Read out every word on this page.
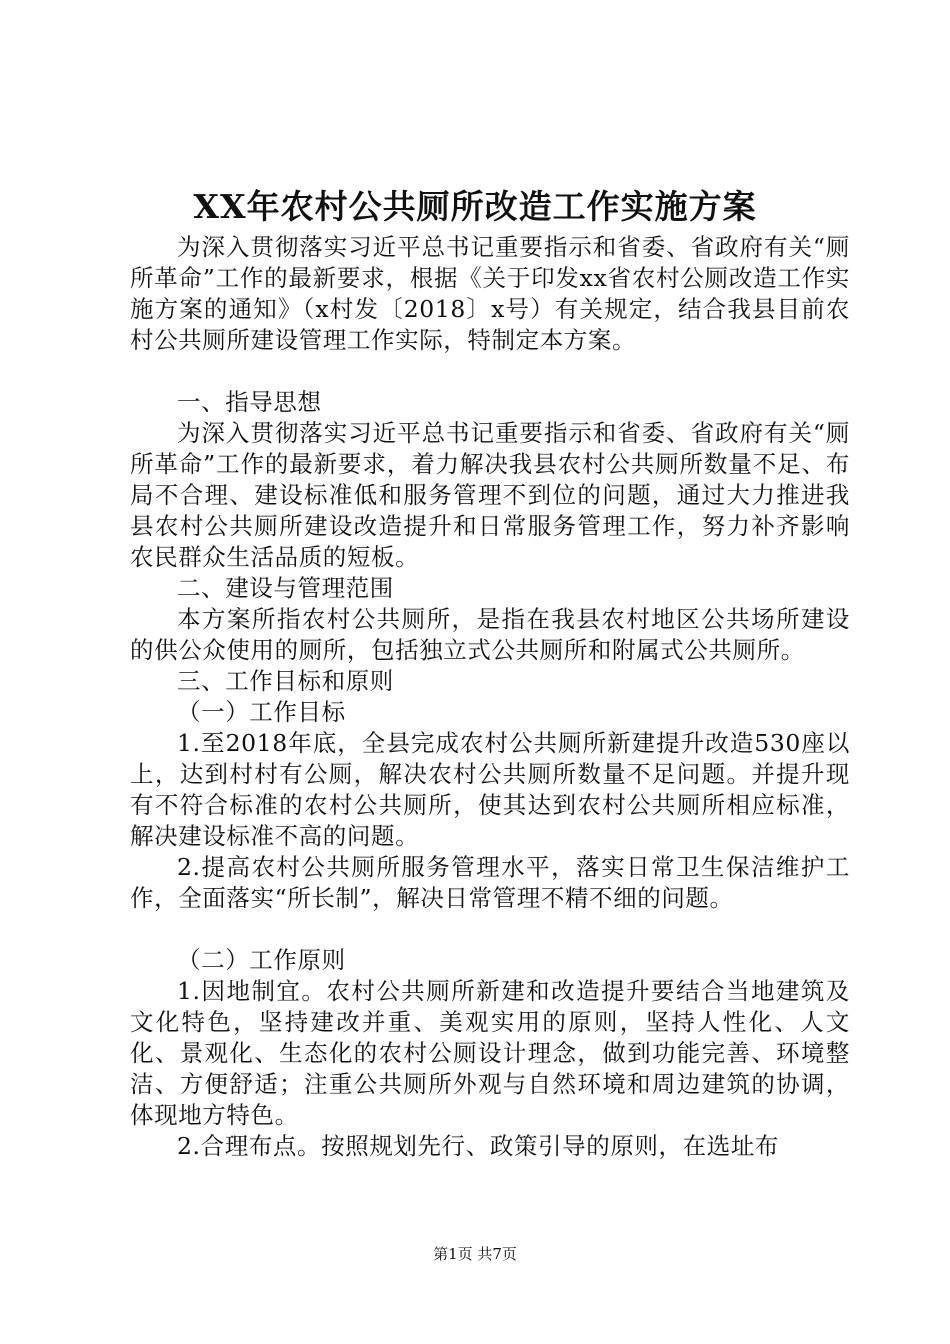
XX年农村公共厕所改造工作实施方案

为深入贯彻落实习近平总书记重要指示和省委、省政府有关“厕所革命”工作的最新要求，根据《关于印发xx省农村公厕改造工作实施方案的通知》（x村发〔2018〕x号）有关规定，结合我县目前农村公共厕所建设管理工作实际，特制定本方案。

一、指导思想

为深入贯彻落实习近平总书记重要指示和省委、省政府有关“厕所革命”工作的最新要求，着力解决我县农村公共厕所数量不足、布局不合理、建设标准低和服务管理不到位的问题，通过大力推进我县农村公共厕所建设改造提升和日常服务管理工作，努力补齐影响农民群众生活品质的短板。

二、建设与管理范围

本方案所指农村公共厕所，是指在我县农村地区公共场所建设的供公众使用的厕所，包括独立式公共厕所和附属式公共厕所。

三、工作目标和原则

（一）工作目标

1.至2018年底，全县完成农村公共厕所新建提升改造530座以上，达到村村有公厕，解决农村公共厕所数量不足问题。并提升现有不符合标准的农村公共厕所，使其达到农村公共厕所相应标准，解决建设标准不高的问题。

2.提高农村公共厕所服务管理水平，落实日常卫生保洁维护工作，全面落实“所长制”，解决日常管理不精不细的问题。

（二）工作原则

1.因地制宜。农村公共厕所新建和改造提升要结合当地建筑及文化特色，坚持建改并重、美观实用的原则，坚持人性化、人文化、景观化、生态化的农村公厕设计理念，做到功能完善、环境整洁、方便舒适；注重公共厕所外观与自然环境和周边建筑的协调，体现地方特色。

2.合理布点。按照规划先行、政策引导的原则，在选址布

第1页 共7页
